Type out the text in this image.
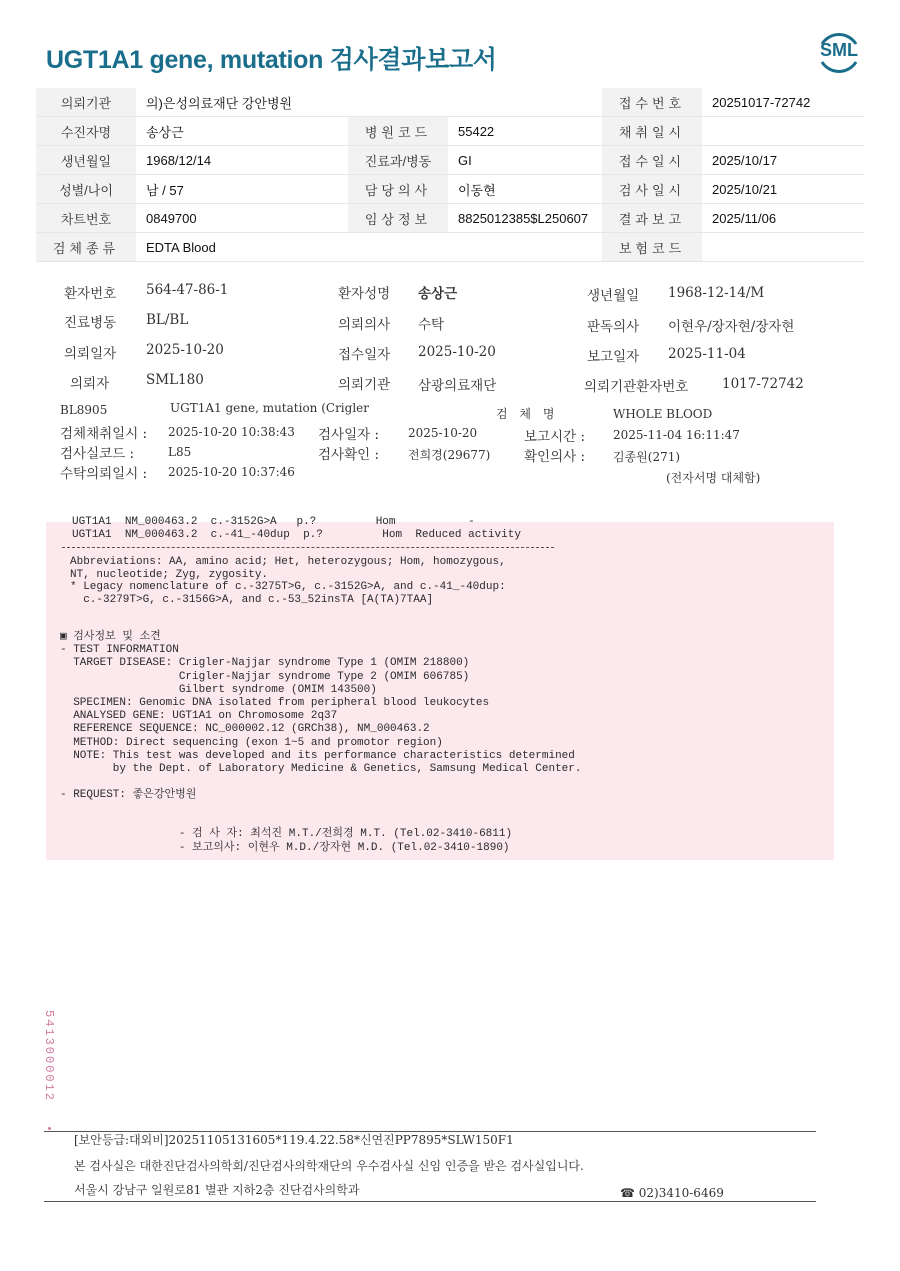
UGT1A1 gene, mutation 검사결과보고서	SML
의뢰기관	의)은성의료재단 강안병원			접수번호	20251017-72742
수진자명	송상근	병원코드	55422	채취일시	
생년월일	1968/12/14	진료과/병동	GI	접수일시	2025/10/17
성별/나이	남 / 57	담당의사	이동현	검사일시	2025/10/21
차트번호	0849700	임상정보	8825012385$L250607	결과보고	2025/11/06
검체종류	EDTA Blood			보험코드	
환자번호 564-47-86-1	환자성명 송상근	생년월일 1968-12-14/M
진료병동 BL/BL	의뢰의사 수탁	판독의사 이현우/장자현/장자현
의뢰일자 2025-10-20	접수일자 2025-10-20	보고일자 2025-11-04
의뢰자	SML180	의뢰기관 삼광의료재단	의뢰기관환자번호 1017-72742
BL8905	UGT1A1 gene, mutation (Crigler	검 체 명	WHOLE BLOOD
검체채취일시 : 2025-10-20 10:38:43 검사일자 : 2025-10-20	보고시간 : 2025-11-04 16:11:47
검사실코드 :	L85	검사확인 : 전희경(29677) 확인의사 : 김종원(271)
수탁의뢰일시 : 2025-10-20 10:37:46	(전자서명 대체함)
UGT1A1 NM_000463.2 c.-3152G>A p.?	Hom	-
UGT1A1 NM_000463.2 c.-41_-40dup p.?	Hom Reduced activity
Abbreviations: AA, amino acid; Het, heterozygous; Hom, homozygous,
NT, nucleotide; Zyg, zygosity.
* Legacy nomenclature of c.-3275T>G, c.-3152G>A, and c.-41_-40dup:
c.-3279T>G, c.-3156G>A, and c.-53_52insTA [A(TA)7TAA]
▣ 검사정보 및 소견
- TEST INFORMATION
TARGET DISEASE: Crigler-Najjar syndrome Type 1 (OMIM 218800)
Crigler-Najjar syndrome Type 2 (OMIM 606785)
Gilbert syndrome (OMIM 143500)
SPECIMEN: Genomic DNA isolated from peripheral blood leukocytes
ANALYSED GENE: UGT1A1 on Chromosome 2q37
REFERENCE SEQUENCE: NC_000002.12 (GRCh38), NM_000463.2
METHOD: Direct sequencing (exon 1~5 and promotor region)
NOTE: This test was developed and its performance characteristics determined
by the Dept. of Laboratory Medicine & Genetics, Samsung Medical Center.
- REQUEST: 좋은강안병원
- 검 사 자: 최석진 M.T./전희경 M.T. (Tel.02-3410-6811)
- 보고의사: 이현우 M.D./장자현 M.D. (Tel.02-3410-1890)
5413000012
[보안등급:대외비]20251105131605*119.4.22.58*신연진PP7895*SLW150F1
본 검사실은 대한진단검사의학회/진단검사의학재단의 우수검사실 신임 인증을 받은 검사실입니다.
서울시 강남구 일원로81 별관 지하2층 진단검사의학과	☎ 02)3410-6469
